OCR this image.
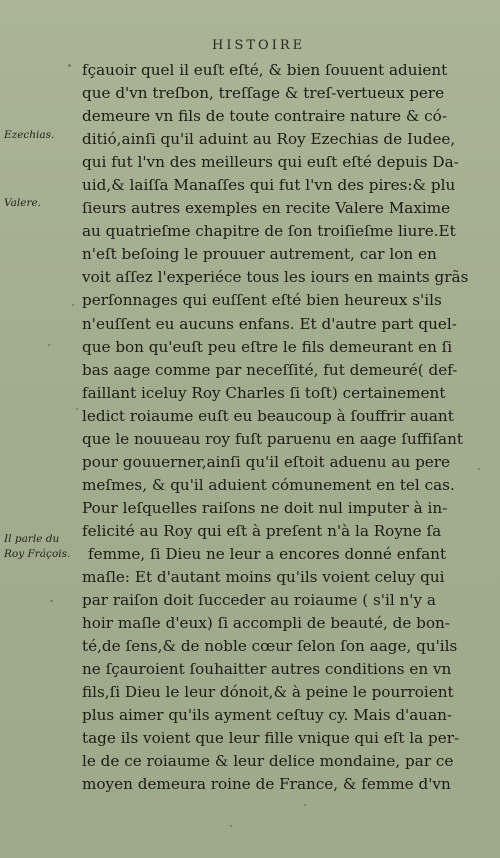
HISTOIRE
Ezechias.
Valere.
Il parle du
Roy Fráçois.
fçauoir quel il euſt eſté, & bien ſouuent aduient
que d'vn treſbon, treſſage & treſ-vertueux pere
demeure vn fils de toute contraire nature & có-
ditió,ainſi qu'il aduint au Roy Ezechias de Iudee,
qui fut l'vn des meilleurs qui euſt eſté depuis Da-
uid,& laiſſa Manaſſes qui fut l'vn des pires:& plu
ſieurs autres exemples en recite Valere Maxime
au quatrieſme chapitre de ſon troiſieſme liure.Et
n'eſt beſoing le prouuer autrement, car lon en
voit aſſez l'experiéce tous les iours en maints grãs
perſonnages qui euſſent eſté bien heureux s'ils
n'euſſent eu aucuns enfans. Et d'autre part quel-
que bon qu'euſt peu eſtre le fils demeurant en ſi
bas aage comme par neceſſité, fut demeuré( def-
faillant iceluy Roy Charles ſi toſt) certainement
ledict roiaume euſt eu beaucoup à ſouffrir auant
que le nouueau roy fuſt paruenu en aage ſuffiſant
pour gouuerner,ainſi qu'il eſtoit aduenu au pere
meſmes, & qu'il aduient cómunement en tel cas.
Pour leſquelles raiſons ne doit nul imputer à in-
felicité au Roy qui eſt à preſent n'à la Royne ſa
femme, ſi Dieu ne leur a encores donné enfant
maſle: Et d'autant moins qu'ils voient celuy qui
par raiſon doit ſucceder au roiaume ( s'il n'y a
hoir maſle d'eux) ſi accompli de beauté, de bon-
té,de ſens,& de noble cœur ſelon ſon aage, qu'ils
ne ſçauroient ſouhaitter autres conditions en vn
fils,ſi Dieu le leur dónoit,& à peine le pourroient
plus aimer qu'ils ayment ceſtuy cy. Mais d'auan-
tage ils voient que leur fille vnique qui eſt la per-
le de ce roiaume & leur delice mondaine, par ce
moyen demeura roine de France, & femme d'vn
